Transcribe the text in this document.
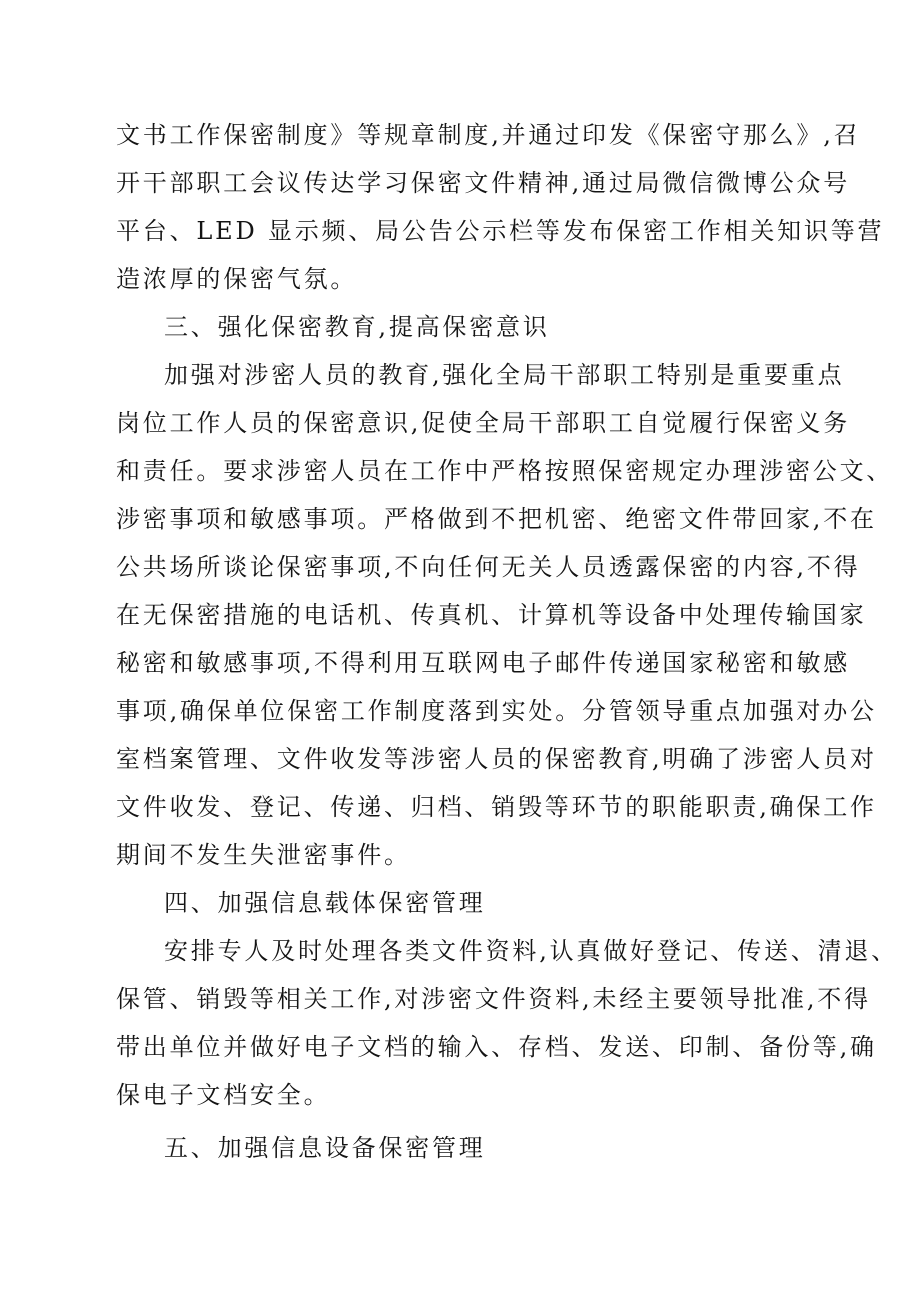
文书工作保密制度》等规章制度,并通过印发《保密守那么》,召
开干部职工会议传达学习保密文件精神,通过局微信微博公众号
平台、LED 显示频、局公告公示栏等发布保密工作相关知识等营
造浓厚的保密气氛。
三、强化保密教育,提高保密意识
加强对涉密人员的教育,强化全局干部职工特别是重要重点
岗位工作人员的保密意识,促使全局干部职工自觉履行保密义务
和责任。要求涉密人员在工作中严格按照保密规定办理涉密公文、
涉密事项和敏感事项。严格做到不把机密、绝密文件带回家,不在
公共场所谈论保密事项,不向任何无关人员透露保密的内容,不得
在无保密措施的电话机、传真机、计算机等设备中处理传输国家
秘密和敏感事项,不得利用互联网电子邮件传递国家秘密和敏感
事项,确保单位保密工作制度落到实处。分管领导重点加强对办公
室档案管理、文件收发等涉密人员的保密教育,明确了涉密人员对
文件收发、登记、传递、归档、销毁等环节的职能职责,确保工作
期间不发生失泄密事件。
四、加强信息载体保密管理
安排专人及时处理各类文件资料,认真做好登记、传送、清退、
保管、销毁等相关工作,对涉密文件资料,未经主要领导批准,不得
带出单位并做好电子文档的输入、存档、发送、印制、备份等,确
保电子文档安全。
五、加强信息设备保密管理
